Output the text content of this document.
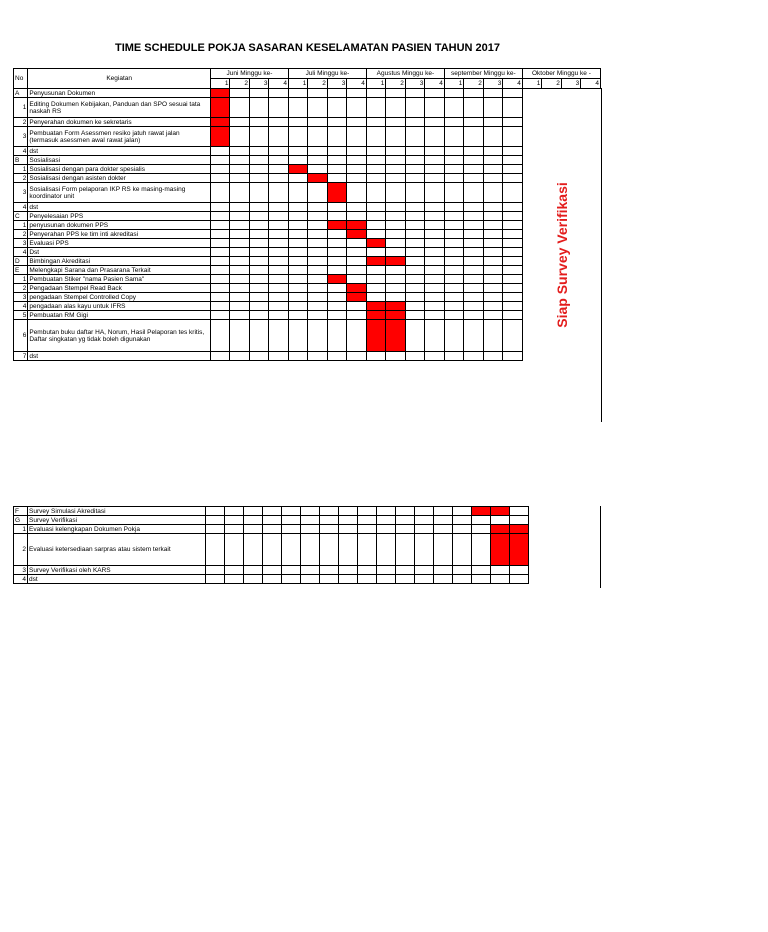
TIME SCHEDULE POKJA SASARAN KESELAMATAN PASIEN TAHUN 2017
No	Kegiatan	Juni Minggu ke-				Juli Minggu ke-				Agustus Minggu ke-				september Minggu ke-				Oktober Minggu ke -			
		1	2	3	4	1	2	3	4	1	2	3	4	1	2	3	4	1	2	3	4
A	Penyusunan Dokumen																				
1	Editing Dokumen Kebijakan, Panduan dan SPO sesuai tata naskah RS																				
2	Penyerahan dokumen ke sekretaris																				
3	Pembuatan Form Asessmen resiko jatuh rawat jalan (termasuk asessmen awal rawat jalan)																				
4	dst																				
B	Sosialisasi																				
1	Sosialisasi dengan para dokter spesialis																				
2	Sosialisasi dengan asisten dokter																				
3	Sosialisasi Form pelaporan IKP RS ke masing-masing koordinator unit																				
4	dst																				
C	Penyelesaian PPS																				
1	penyusunan dokumen PPS																				
2	Penyerahan PPS ke tim inti akreditasi																				
3	Evaluasi PPS																				
4	Dst																				
D	Bimbingan Akreditasi																				
E	Melengkapi Sarana dan Prasarana Terkait																				
1	Pembuatan Stiker "nama Pasien Sama"																				
2	Pengadaan Stempel Read Back																				
3	pengadaan Stempel Controlled Copy																				
4	pengadaan alas kayu untuk IFRS																				
5	Pembuatan RM Gigi																				
6	Pembutan buku daftar HA, Norum, Hasil Pelaporan tes kritis, Daftar singkatan yg tidak boleh digunakan																				
7	dst																				
Siap Survey Verifikasi
F	Survey Simulasi Akreditasi																	
G	Survey Verifikasi																	
1	Evaluasi kelengkapan Dokumen Pokja																	
2	Evaluasi ketersediaan sarpras atau sistem terkait																	
3	Survey Verifikasi oleh KARS																	
4	dst																	
